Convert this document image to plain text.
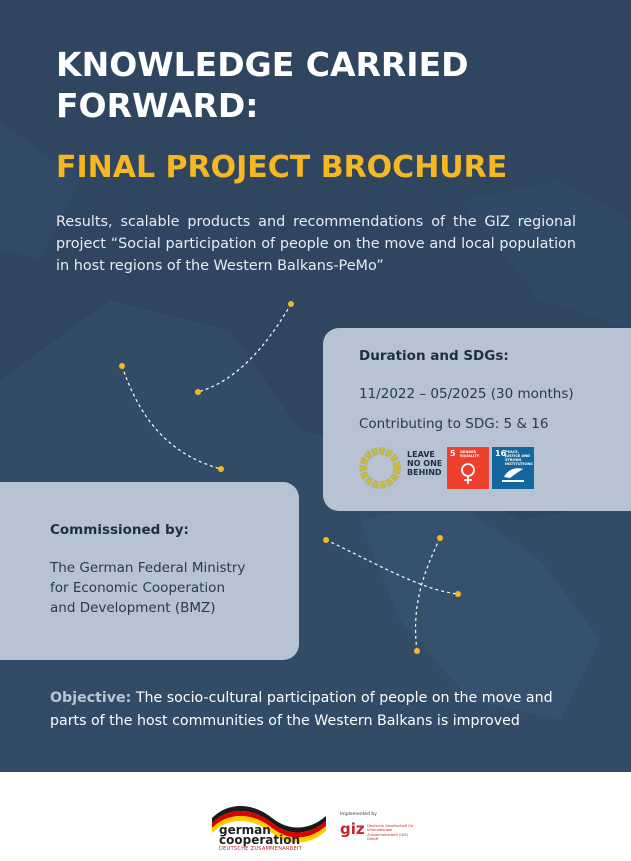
KNOWLEDGE CARRIED
FORWARD:
FINAL PROJECT BROCHURE

Results, scalable products and recommendations of the GIZ regional project “Social participation of people on the move and local population in host regions of the Western Balkans-PeMo”

Duration and SDGs:
11/2022 – 05/2025 (30 months)
Contributing to SDG: 5 & 16
LEAVE NO ONE BEHIND
5 GENDER EQUALITY	16
PEACE, JUSTICE AND STRONG INSTITUTIONS
Commissioned by:
The German Federal Ministry
for Economic Cooperation
and Development (BMZ)

Objective: The socio-cultural participation of people on the move and parts of the host communities of the Western Balkans is improved

german
cooperation
DEUTSCHE ZUSAMMENARBEIT
Implemented by
giz Deutsche Gesellschaft für Internationale Zusammenarbeit (GIZ) GmbH
